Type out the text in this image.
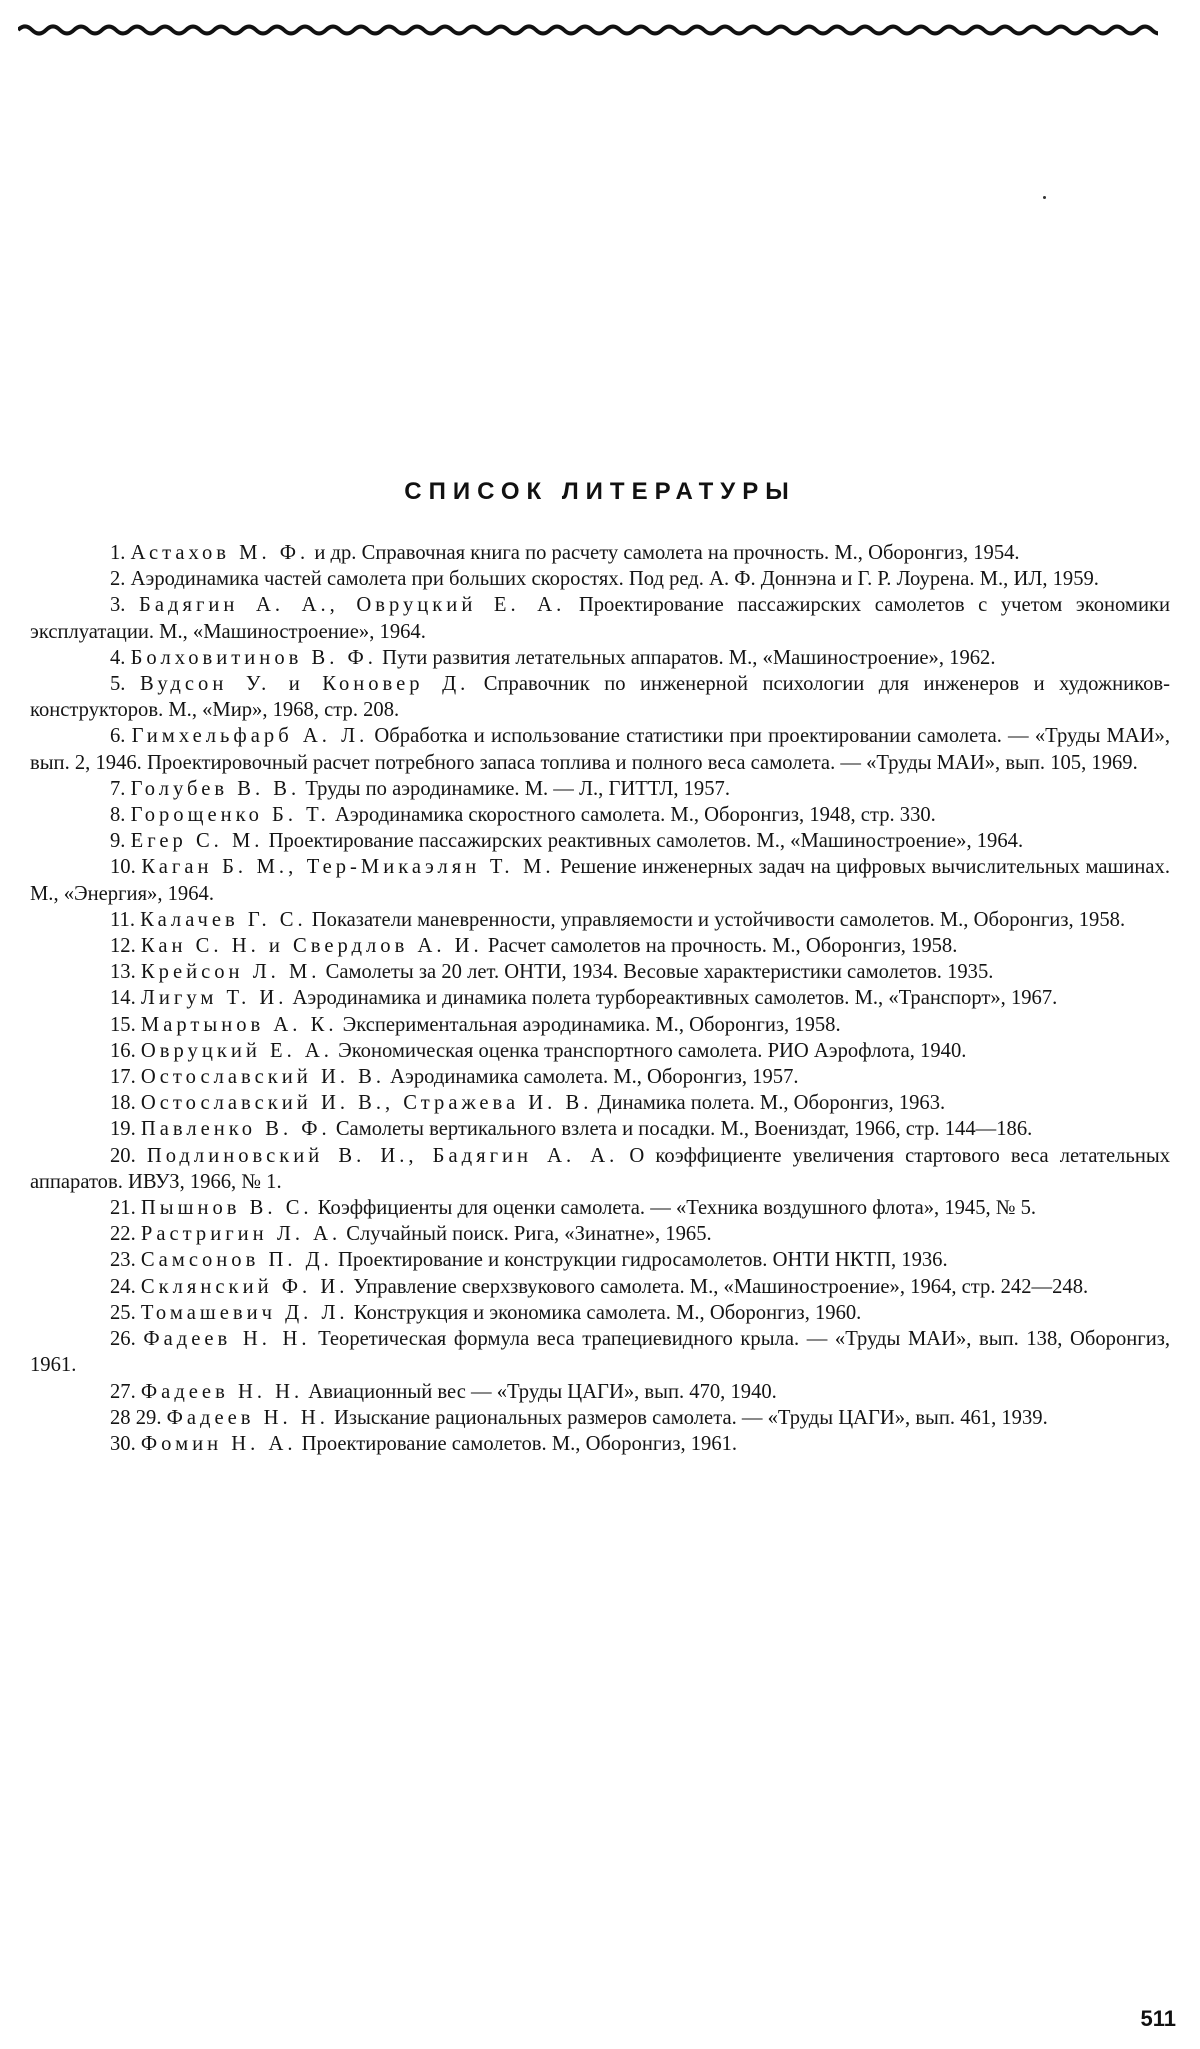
СПИСОК ЛИТЕРАТУРЫ

1. Астахов М. Ф. и др. Справочная книга по расчету самолета на прочность. М., Оборонгиз, 1954.

2. Аэродинамика частей самолета при больших скоростях. Под ред. А. Ф. Доннэна и Г. Р. Лоурена. М., ИЛ, 1959.

3. Бадягин А. А., Овруцкий Е. А. Проектирование пассажирских самолетов с учетом экономики эксплуатации. М., «Машиностроение», 1964.

4. Болховитинов В. Ф. Пути развития летательных аппаратов. М., «Машиностроение», 1962.

5. Вудсон У. и Коновер Д. Справочник по инженерной психологии для инженеров и художников-конструкторов. М., «Мир», 1968, стр. 208.

6. Гимхельфарб А. Л. Обработка и использование статистики при проектировании самолета. — «Труды МАИ», вып. 2, 1946. Проектировочный расчет потребного запаса топлива и полного веса самолета. — «Труды МАИ», вып. 105, 1969.

7. Голубев В. В. Труды по аэродинамике. М. — Л., ГИТТЛ, 1957.

8. Горощенко Б. Т. Аэродинамика скоростного самолета. М., Оборонгиз, 1948, стр. 330.

9. Егер С. М. Проектирование пассажирских реактивных самолетов. М., «Машиностроение», 1964.

10. Каган Б. М., Тер-Микаэлян Т. М. Решение инженерных задач на цифровых вычислительных машинах. М., «Энергия», 1964.

11. Калачев Г. С. Показатели маневренности, управляемости и устойчивости самолетов. М., Оборонгиз, 1958.

12. Кан С. Н. и Свердлов А. И. Расчет самолетов на прочность. М., Оборонгиз, 1958.

13. Крейсон Л. М. Самолеты за 20 лет. ОНТИ, 1934. Весовые характеристики самолетов. 1935.

14. Лигум Т. И. Аэродинамика и динамика полета турбореактивных самолетов. М., «Транспорт», 1967.

15. Мартынов А. К. Экспериментальная аэродинамика. М., Оборонгиз, 1958.

16. Овруцкий Е. А. Экономическая оценка транспортного самолета. РИО Аэрофлота, 1940.

17. Остославский И. В. Аэродинамика самолета. М., Оборонгиз, 1957.

18. Остославский И. В., Стражева И. В. Динамика полета. М., Оборонгиз, 1963.

19. Павленко В. Ф. Самолеты вертикального взлета и посадки. М., Воениздат, 1966, стр. 144—186.

20. Подлиновский В. И., Бадягин А. А. О коэффициенте увеличения стартового веса летательных аппаратов. ИВУЗ, 1966, № 1.

21. Пышнов В. С. Коэффициенты для оценки самолета. — «Техника воздушного флота», 1945, № 5.

22. Растригин Л. А. Случайный поиск. Рига, «Зинатне», 1965.

23. Самсонов П. Д. Проектирование и конструкции гидросамолетов. ОНТИ НКТП, 1936.

24. Склянский Ф. И. Управление сверхзвукового самолета. М., «Машиностроение», 1964, стр. 242—248.

25. Томашевич Д. Л. Конструкция и экономика самолета. М., Оборонгиз, 1960.

26. Фадеев Н. Н. Теоретическая формула веса трапециевидного крыла. — «Труды МАИ», вып. 138, Оборонгиз, 1961.

27. Фадеев Н. Н. Авиационный вес — «Труды ЦАГИ», вып. 470, 1940.

28 29. Фадеев Н. Н. Изыскание рациональных размеров самолета. — «Труды ЦАГИ», вып. 461, 1939.

30. Фомин Н. А. Проектирование самолетов. М., Оборонгиз, 1961.

511
